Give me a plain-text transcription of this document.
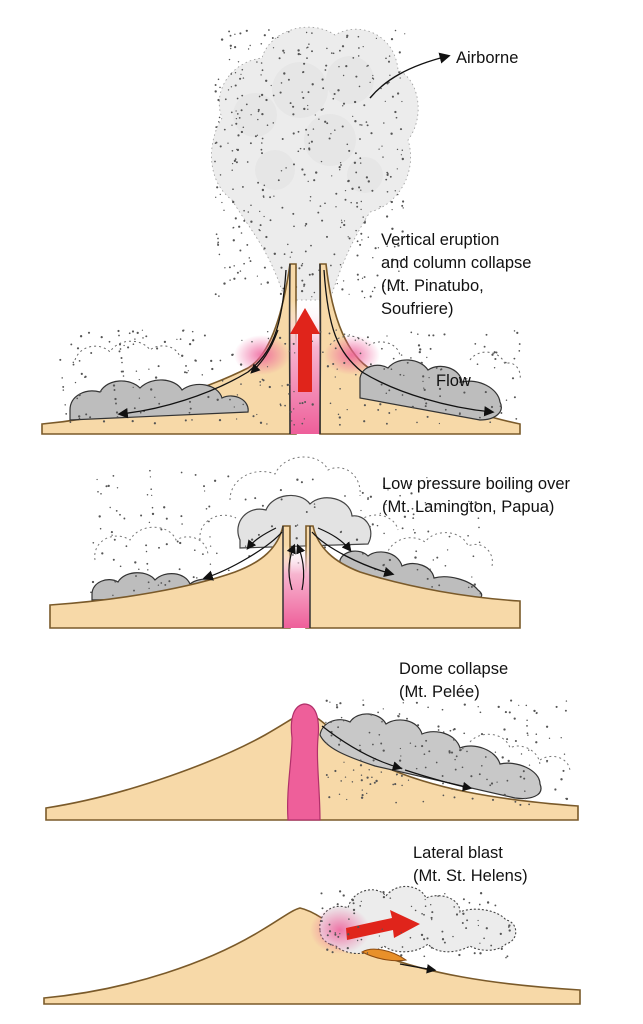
Airborne
Vertical eruption
and column collapse
(Mt. Pinatubo,
Soufriere)
Flow
Low pressure boiling over
(Mt. Lamington, Papua)
Dome collapse
(Mt. Pelée)
Lateral blast
(Mt. St. Helens)
